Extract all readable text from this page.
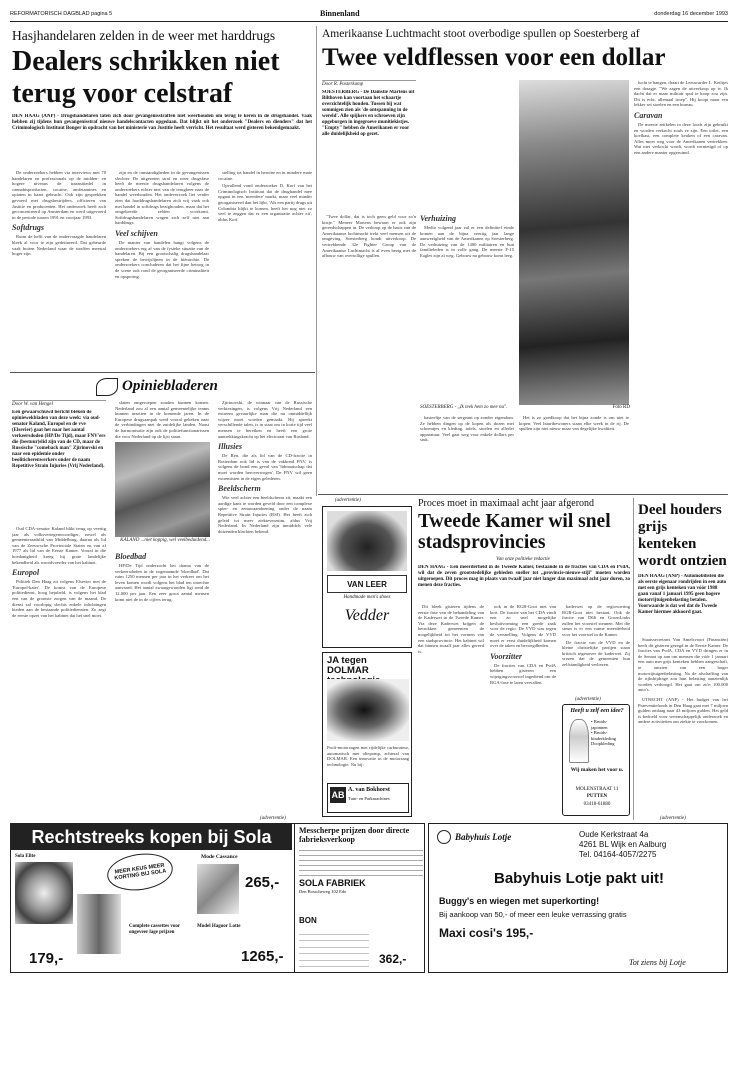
REFORMATORISCH DAGBLAD pagina 5	Binnenland	donderdag 16 december 1993
Hasjhandelaren zelden in de weer met harddrugs
Dealers schrikken niet terug voor celstraf
DEN HAAG (ANP) - Drugshandelaren laten zich door gevangenisstraffen niet weerhouden om terug te keren in de drugshandel. Vaak hebben zij tijdens hun gevangenisstraf nieuwe handelscontacten opgedaan. Dat blijkt uit het onderzoek "Dealers en dienders" dat het Criminologisch Instituut Bonger in opdracht van het ministerie van Justitie heeft verricht. Het resultaat werd gisteren bekendgemaakt.

De onderzoekers hebben via interviews met 70 handelaren en professionals op de midden- en hogere niveaus de traansitiedel in cannabisproducten, cocaïne, amfetamines en opiaten in kaart gebracht. Ook zijn gesprekken gevoerd met drugsbestrijders, officieren van Justitie en producenten. Het onderzoek heeft zich geconcentreerd op Amsterdam en werd uitgevoerd in de periode tussen 1991 en voorjaar 1993.

Softdrugs

Ruim de helft van de ondervraagde handelaren bleek al voor te zijn gedetineerd. Dat gebeurde vaak buiten Nederland waar de straffen meestal hoger zijn.

zijn en de omstandigheden in de gevangenissen slechter. De uitgezeten straf en weer drugsfase heeft de meeste drugshandelaren volgens de onderzoekers echter niet van de terugkeer naar de handel weerhouden. Het ondeverzoek liet verder zien dat harddrugshandelaren zich vrij vaak ook met handel in softdrugs bezighouden, maar dat het omgekeerde zelden voorkomt. Softdrugshandelaren wagen zich zelf niet aan harddrugs.

Veel schijven

De manier van handelen hangt volgens de onderzoekers erg af van de fysieke situatie van de handelaren. Bij een grootschalig drugshandelaar spreken de bewijslijnen in de hiërarchie. De onderzoekers concluderen dat het fijne betoog in de scene ook rond de georganiseerde criminaliteit en opsporing.

stelling tot handel in heroïne en in mindere mate cocaïne.

Opvallend vond onderzoeker D. Korf van het Criminologisch Instituut dat de drughandel mee opgaat in een 'meerdere' markt, maar veel minder georganiseerd dan het lijkt. 'Als een partij drugs uit Colombia blijkt te komen, heeft het nog niet zo veel te zeggen dat er een organisatie achter zit', aldus Korf.

Opiniebladeren
Door W. van Hengel
Een gewaarschuwd bericht bleken de opiniewekbladen van deze week: via oud-senator Kaland, Europol en de vve (Elsevier) gaat het naar het aantal verkeersdoden (HP/De Tijd), maar FNV'ers die (bestuur)slid zijn van de CD, maar de Russische "comeback man" Zjirinovski en naar een epidemie onder beoliticherenwerkers onder de naam Repetitive Strain Injuries (Vrij Nederland).

Oud CDA-senator Kaland blikt terug op veertig jaar als volksvertegenwoordiger, zowel als gemeenteraadslid van Middelburg, daarna als lid van de Zeeuwsche Provinciale Staten en van af 1977 als lid van de Eerste Kamer. Vooral in die hoedanigheid kreeg hij grote landelijke bekendheid als woordvoerder van het kabinet.

Europol

Politiek Den Haag zit volgens Elsevier met de 'Europol-kater'. De komst van de Europese politiedienst, hoog bejubeld, is volgens het blad een van de grootste zorgen van de maand. De dienst zal voorlopig slechts enkele inlichtingen bieden aan de bestaande politiediensten. Zo zegt de eerste opzet van het kabinet dat het snel moet.

slaten omgeroepen zouden kunnen komen. Nederland zou al een aantal gemeentelijke teams kunnen inzetten in de komende jaren. In de Europese drugsaanpak werd vooral gekeken naar de verbindingen met de zuidelijke landen. Naast de harmonisatie zijn ook de politiefunctionarissen die voor Nederland op de lijst staan.

KALAND ...niet koppig, wel veelbeduidend...
Bloedbad

HP/De Tijd onderzocht het drama van de verkeersdoden in de zogenaamde 'bloedbad'. Dat ruim 1250 mensen per jaar in het verkeer om het leven komen wordt volgens het blad ten onrechte aanvaard. Het aantal zwaargewonden ligt rond de 12.000 per jaar. Een zeer groot aantal mensen komt niet de in de cijfers terug.

Zjirinovski, de winnaar van de Russische verkiezingen, is volgens Vrij Nederland een extreem gevaarlijke man die nu onmiddellijk wijzer moet worden gemaakt. Hij spreekt verschillende talen, is in staat om in korte tijd veel mensen te bereiken en heeft een grote aantrekkingskracht op het electoraat van Rusland.

Illusies

De Ren, die als lid van de CD-fractie in Rotterdam ook lid is van de vakbond FNV, is volgens de bond een geval van 'lidmaatschap dat moet worden heroverwogen'. De FNV wil geen extremisten in de eigen gelederen.

Beeldscherm

Wie veel achter een beeldscherm zit, maakt een aardige kans te worden geveld door een complexe spier- en zenuwaandoening onder de naam Repetitive Strain Injuries (RSI). Het heeft zich geleid tot meer ziekteverzuim, aldus Vrij Nederland. In Nederland zijn inmiddels vele duizenden klachten bekend.

Amerikaanse Luchtmacht stoot overbodige spullen op Soesterberg af
Twee veldflessen voor een dollar
Door R. Pasterkamp
SOESTERBERG - De Damstie Martens uit Bilthoven kan voortaan het schaartje overzichtelijk houden. Tussen bij wat sommigen zien als 'de ontspanning in de wereld'. Alle spijkers en schroeven zijn opgeborgen in ingegroeve munitiekistjes. "Empty" hebben de Amerikanen er voor alle duidelijkheid op gezet.

"Twee dollar, dat is toch geen geld voor zo'n kistje." Meneer Martens bewaart er ook zijn gereedschappen in. De verkoop op de basis van de Amerikaanse luchtmacht trekt veel mensen uit de omgeving. Soesterberg houdt uitverkoop. De vertrekkende 32e Fighter Group van de Amerikaanse Luchtmacht is al even bezig met de afbouw van overtollige spullen.

Verhuizing

Medio volgend jaar zal er een definitief einde komen aan de bijna veertig jaar lange aanwezigheid van de Amerikanen op Soesterberg. De verhuizing van de 1400 militairen en hun familieleden is in volle gang. De meeste F-15 Eagles zijn al weg. Gebouw na gebouw komt leeg.

SOESTERBERG - ,,Ik teek hem zo mee nu".	Foto RD

kasteeltje van de sergeant op zonder eigendom. Ze hebben dingen op de kopen als dozen met schoentjes en kleding, tafels, stoelen en allerlei apparatuur. Veel gaat weg voor enkele dollars per stuk.

Het is zo goedkoop dat het bijna zonde is om niet te kopen. Veel buurtbewoners staan elke week in de rij. De spullen zijn niet nieuw maar van degelijke kwaliteit.

lucht te hangen, draait de Leeuwarder L. Keiltjes een draagje. "We zagen de uitverkoop op tv. Ik dacht dat er maar militair spul te koop zou zijn. Dit is echt, allemaal troep". Hij koopt maar een lekker set stoelen en een bureau.

Caravan

De meeste artikelen in deze loods zijn gebruikt en worden verkocht zoals ze zijn. Een toilet, een koelkast, een complete keuken of een caravan. Alles moet weg voor de Amerikanen vertrekken. Wat niet verkocht wordt, wordt vernietigd of op een andere manier opgeruimd.

(advertentie)
VAN LEER
Handmade men's shoes
Vedder
JA tegen DOLMAR
Profi-motorzagen met rijdelijke carburateur, automatisch met oliepomp, achteraf van DOLMAR. Een innovatie in de motorzaag technologie. Nu bij:
AB A. van Bokhorst
Tuin- en Parkmachines
Proces moet in maximaal acht jaar afgerond
Tweede Kamer wil snel stadsprovincies
Van onze politieke redactie
DEN HAAG - Een meerderheid in de Tweede Kamer, bestaande in de fracties van CDA en PvdA, wil dat de zeven grootstedelijke gebieden sneller tot ,,provincie-nieuwe-stijl" moeten worden uitgeroepen. Dit proces mag in plaats van twaalf jaar niet langer dan maximaal acht jaar duren, zo menen deze fracties.

Dit bleek gisteren tijdens de eerste fase van de behandeling van de Kaderwet in de Tweede Kamer. Via deze Kaderwet krijgen de betrokken gemeenten de mogelijkheid tot het vormen van een stadsprovincie. Het kabinet wil dat binnen twaalf jaar alles gereed is.

ook in de RGR-Gooi niet van kort. De fractie van het CDA vindt een zo snel mogelijke besluitvorming een goede zaak voor de regio. De VVD was tegen de versnelling. Volgens de VVD moet er eerst duidelijkheid komen over de taken en bevoegdheden.

Voorzitter

De fracties van CDA en PvdA hebben gisteren een wijzigingsvoorstel ingediend om de RGA-fase te laten vervallen.

kaderwet op de regiovoering RGR-Gooi niet bestaat. Ook de fractie van D66 en GroenLinks zullen het voorstel steunen. Met die steun is er een ruime meerderheid voor het voorstel in de Kamer.

De fractie van de VVD en de kleine christelijke partijen staan kritisch tegenover de kaderwet. Zij vrezen dat de gemeenten hun zelfstandigheid verliezen.

(advertentie)
Heeft u zelf een idee?
• Bruids-
japonnen
• Bruids-
kinderkleding
Doopkleding
Wij maken het voor u.
MOLENSTRAAT 11
PUTTEN
03418-61880
Deel houders grijs kenteken wordt ontzien
DEN HAAG (ANP) - Automobilisten die als eerste eigenaar rondrijden in een auto met een grijs kenteken van vóór 1988 gaan vanaf 1 januari 1995 geen hogere motorrijtuigenbelasting betalen. Voorwaarde is dat wel dat de Tweede Kamer hiermee akkoord gaat.

Staatssecretaris Van Amelsvoort (Financiën) heeft dit gisteren gezegd in de Eerste Kamer. De fracties van PvdA, CDA en VVD dringen er in de Senaat op aan om mensen die vóór 1 januari een auto met grijs kenteken hebben aangeschaft, te ontzien van een hoger motorrijtuigenbelasting. Na de afschaffing van de rijksbijdrage zou hun belasting aanzienlijk worden verhoogd. Het gaat om zo'n 100.000 auto's.

UTRECHT (ANP) - Het budget van het Praeventiefonds in Den Haag gaat met 7 miljoen gulden omlaag naar 43 miljoen gulden. Het geld is bedoeld voor wetenschappelijk onderzoek en andere activiteiten om ziekte te voorkomen.

(advertentie)
Rechtstreeks kopen bij Sola
Sola Elite
179,-
MEER KEUS MEER KORTING BIJ SOLA
Complete cassettes voor ongeveer lage prijzen
Mode Cassance
265,-
Model Hagoor Lotte
1265,-
Messcherpe prijzen door directe fabrieksverkoop
SOLA FABRIEK
Den Bosscheweg 102 Ede
BON
362,-
(advertentie)
Babyhuis Lotje	Oude Kerkstraat 4a
4261 BL Wijk en Aalburg
Tel. 04164-4057/2275
Babyhuis Lotje pakt uit!
Buggy's en wiegen met superkorting!
Bij aankoop van 50,- of meer een leuke verrassing gratis
Maxi cosi's 195,-
Tot ziens bij Lotje
